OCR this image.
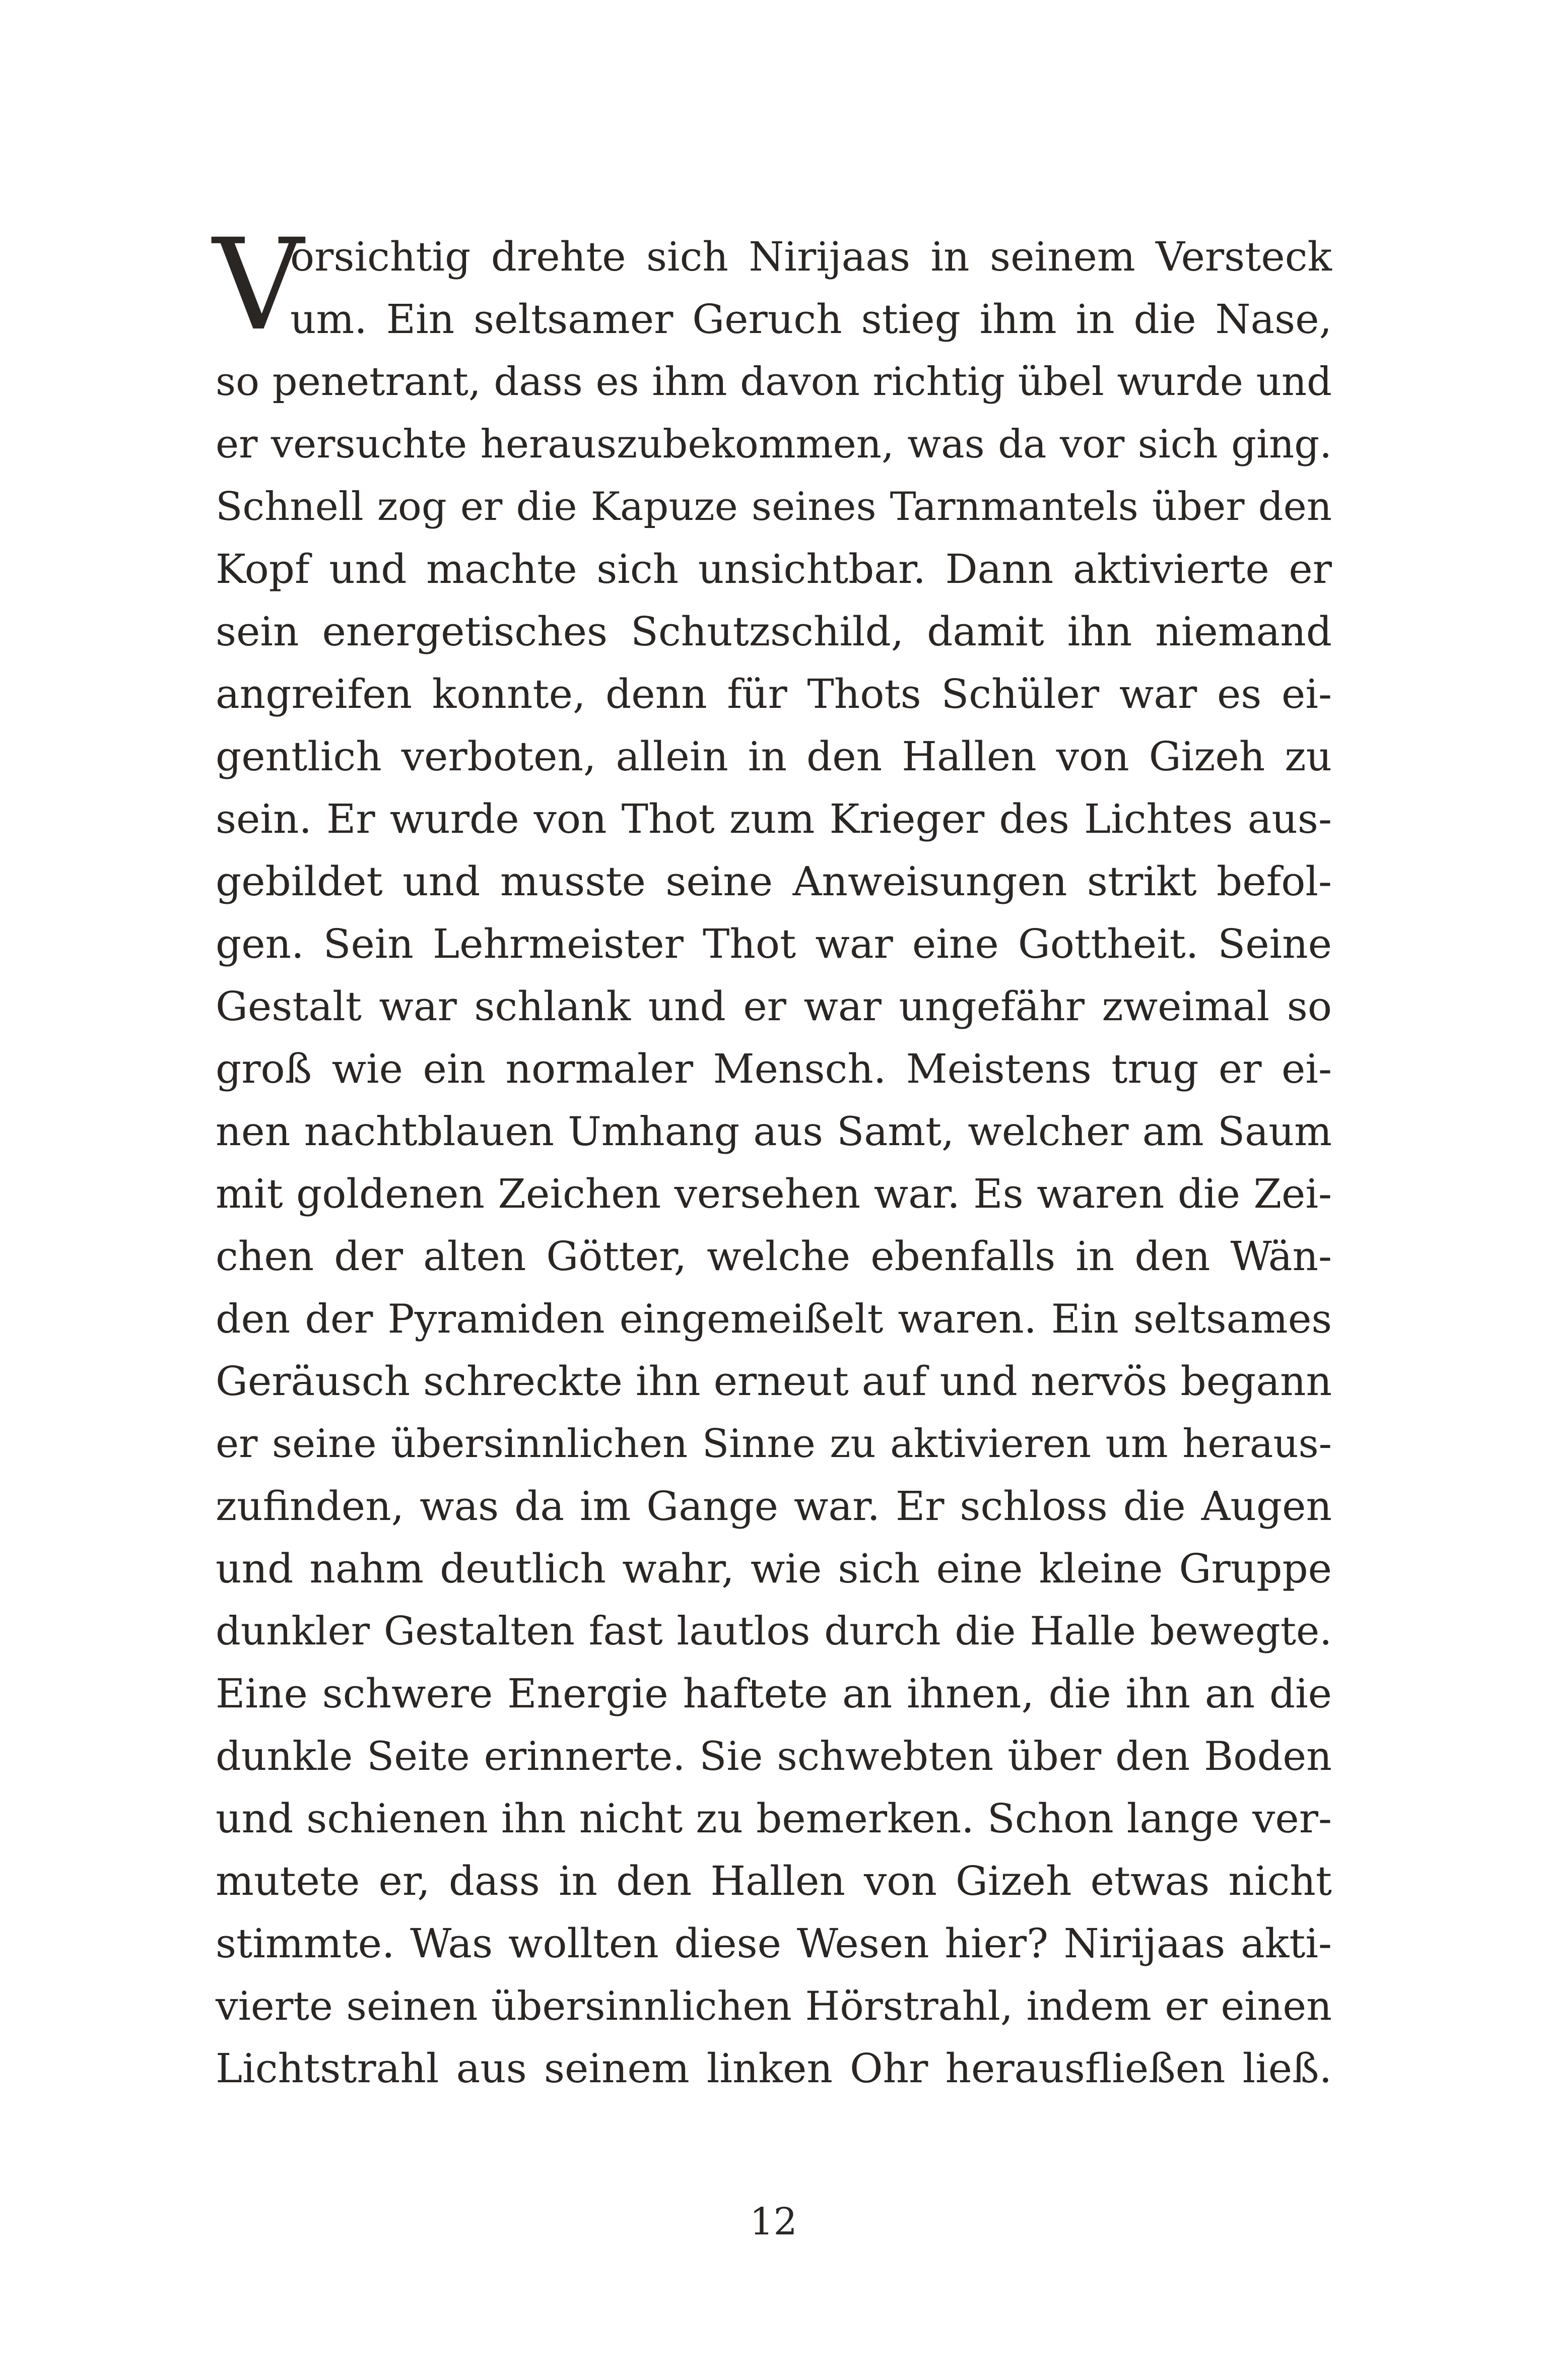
V
orsichtig drehte sich Nirijaas in seinem Versteck
um. Ein seltsamer Geruch stieg ihm in die Nase,
so penetrant, dass es ihm davon richtig übel wurde und
er versuchte herauszubekommen, was da vor sich ging.
Schnell zog er die Kapuze seines Tarnmantels über den
Kopf und machte sich unsichtbar. Dann aktivierte er
sein energetisches Schutzschild, damit ihn niemand
angreifen konnte, denn für Thots Schüler war es ei-
gentlich verboten, allein in den Hallen von Gizeh zu
sein. Er wurde von Thot zum Krieger des Lichtes aus-
gebildet und musste seine Anweisungen strikt befol-
gen. Sein Lehrmeister Thot war eine Gottheit. Seine
Gestalt war schlank und er war ungefähr zweimal so
groß wie ein normaler Mensch. Meistens trug er ei-
nen nachtblauen Umhang aus Samt, welcher am Saum
mit goldenen Zeichen versehen war. Es waren die Zei-
chen der alten Götter, welche ebenfalls in den Wän-
den der Pyramiden eingemeißelt waren. Ein seltsames
Geräusch schreckte ihn erneut auf und nervös begann
er seine übersinnlichen Sinne zu aktivieren um heraus-
zufinden, was da im Gange war. Er schloss die Augen
und nahm deutlich wahr, wie sich eine kleine Gruppe
dunkler Gestalten fast lautlos durch die Halle bewegte.
Eine schwere Energie haftete an ihnen, die ihn an die
dunkle Seite erinnerte. Sie schwebten über den Boden
und schienen ihn nicht zu bemerken. Schon lange ver-
mutete er, dass in den Hallen von Gizeh etwas nicht
stimmte. Was wollten diese Wesen hier? Nirijaas akti-
vierte seinen übersinnlichen Hörstrahl, indem er einen
Lichtstrahl aus seinem linken Ohr herausfließen ließ.
12
